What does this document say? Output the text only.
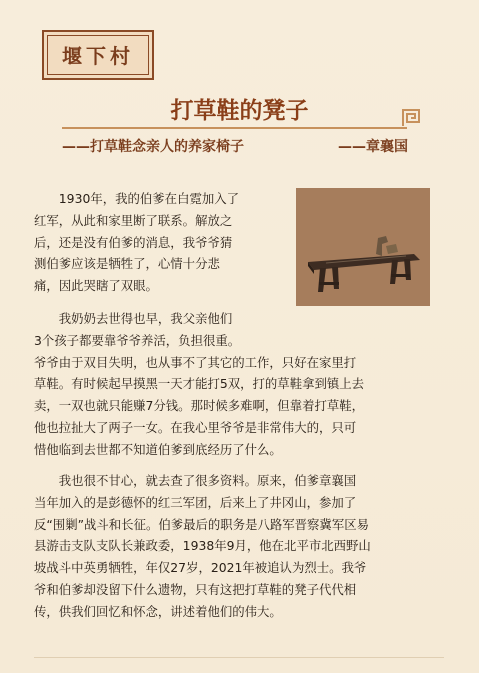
堰下村
打草鞋的凳子
——打草鞋念亲人的养家椅子	——章襄国
1930年，我的伯爹在白霓加入了
红军，从此和家里断了联系。解放之
后，还是没有伯爹的消息，我爷爷猜
测伯爹应该是牺牲了，心情十分悲
痛，因此哭瞎了双眼。
我奶奶去世得也早，我父亲他们
3个孩子都要靠爷爷养活，负担很重。
爷爷由于双目失明，也从事不了其它的工作，只好在家里打
草鞋。有时候起早摸黑一天才能打5双，打的草鞋拿到镇上去
卖，一双也就只能赚7分钱。那时候多难啊，但靠着打草鞋，
他也拉扯大了两子一女。在我心里爷爷是非常伟大的，只可
惜他临到去世都不知道伯爹到底经历了什么。
我也很不甘心，就去查了很多资料。原来，伯爹章襄国
当年加入的是彭德怀的红三军团，后来上了井冈山，参加了
反“围剿”战斗和长征。伯爹最后的职务是八路军晋察冀军区易
县游击支队支队长兼政委，1938年9月，他在北平市北西野山
坡战斗中英勇牺牲，年仅27岁，2021年被追认为烈士。我爷
爷和伯爹却没留下什么遗物，只有这把打草鞋的凳子代代相
传，供我们回忆和怀念，讲述着他们的伟大。
